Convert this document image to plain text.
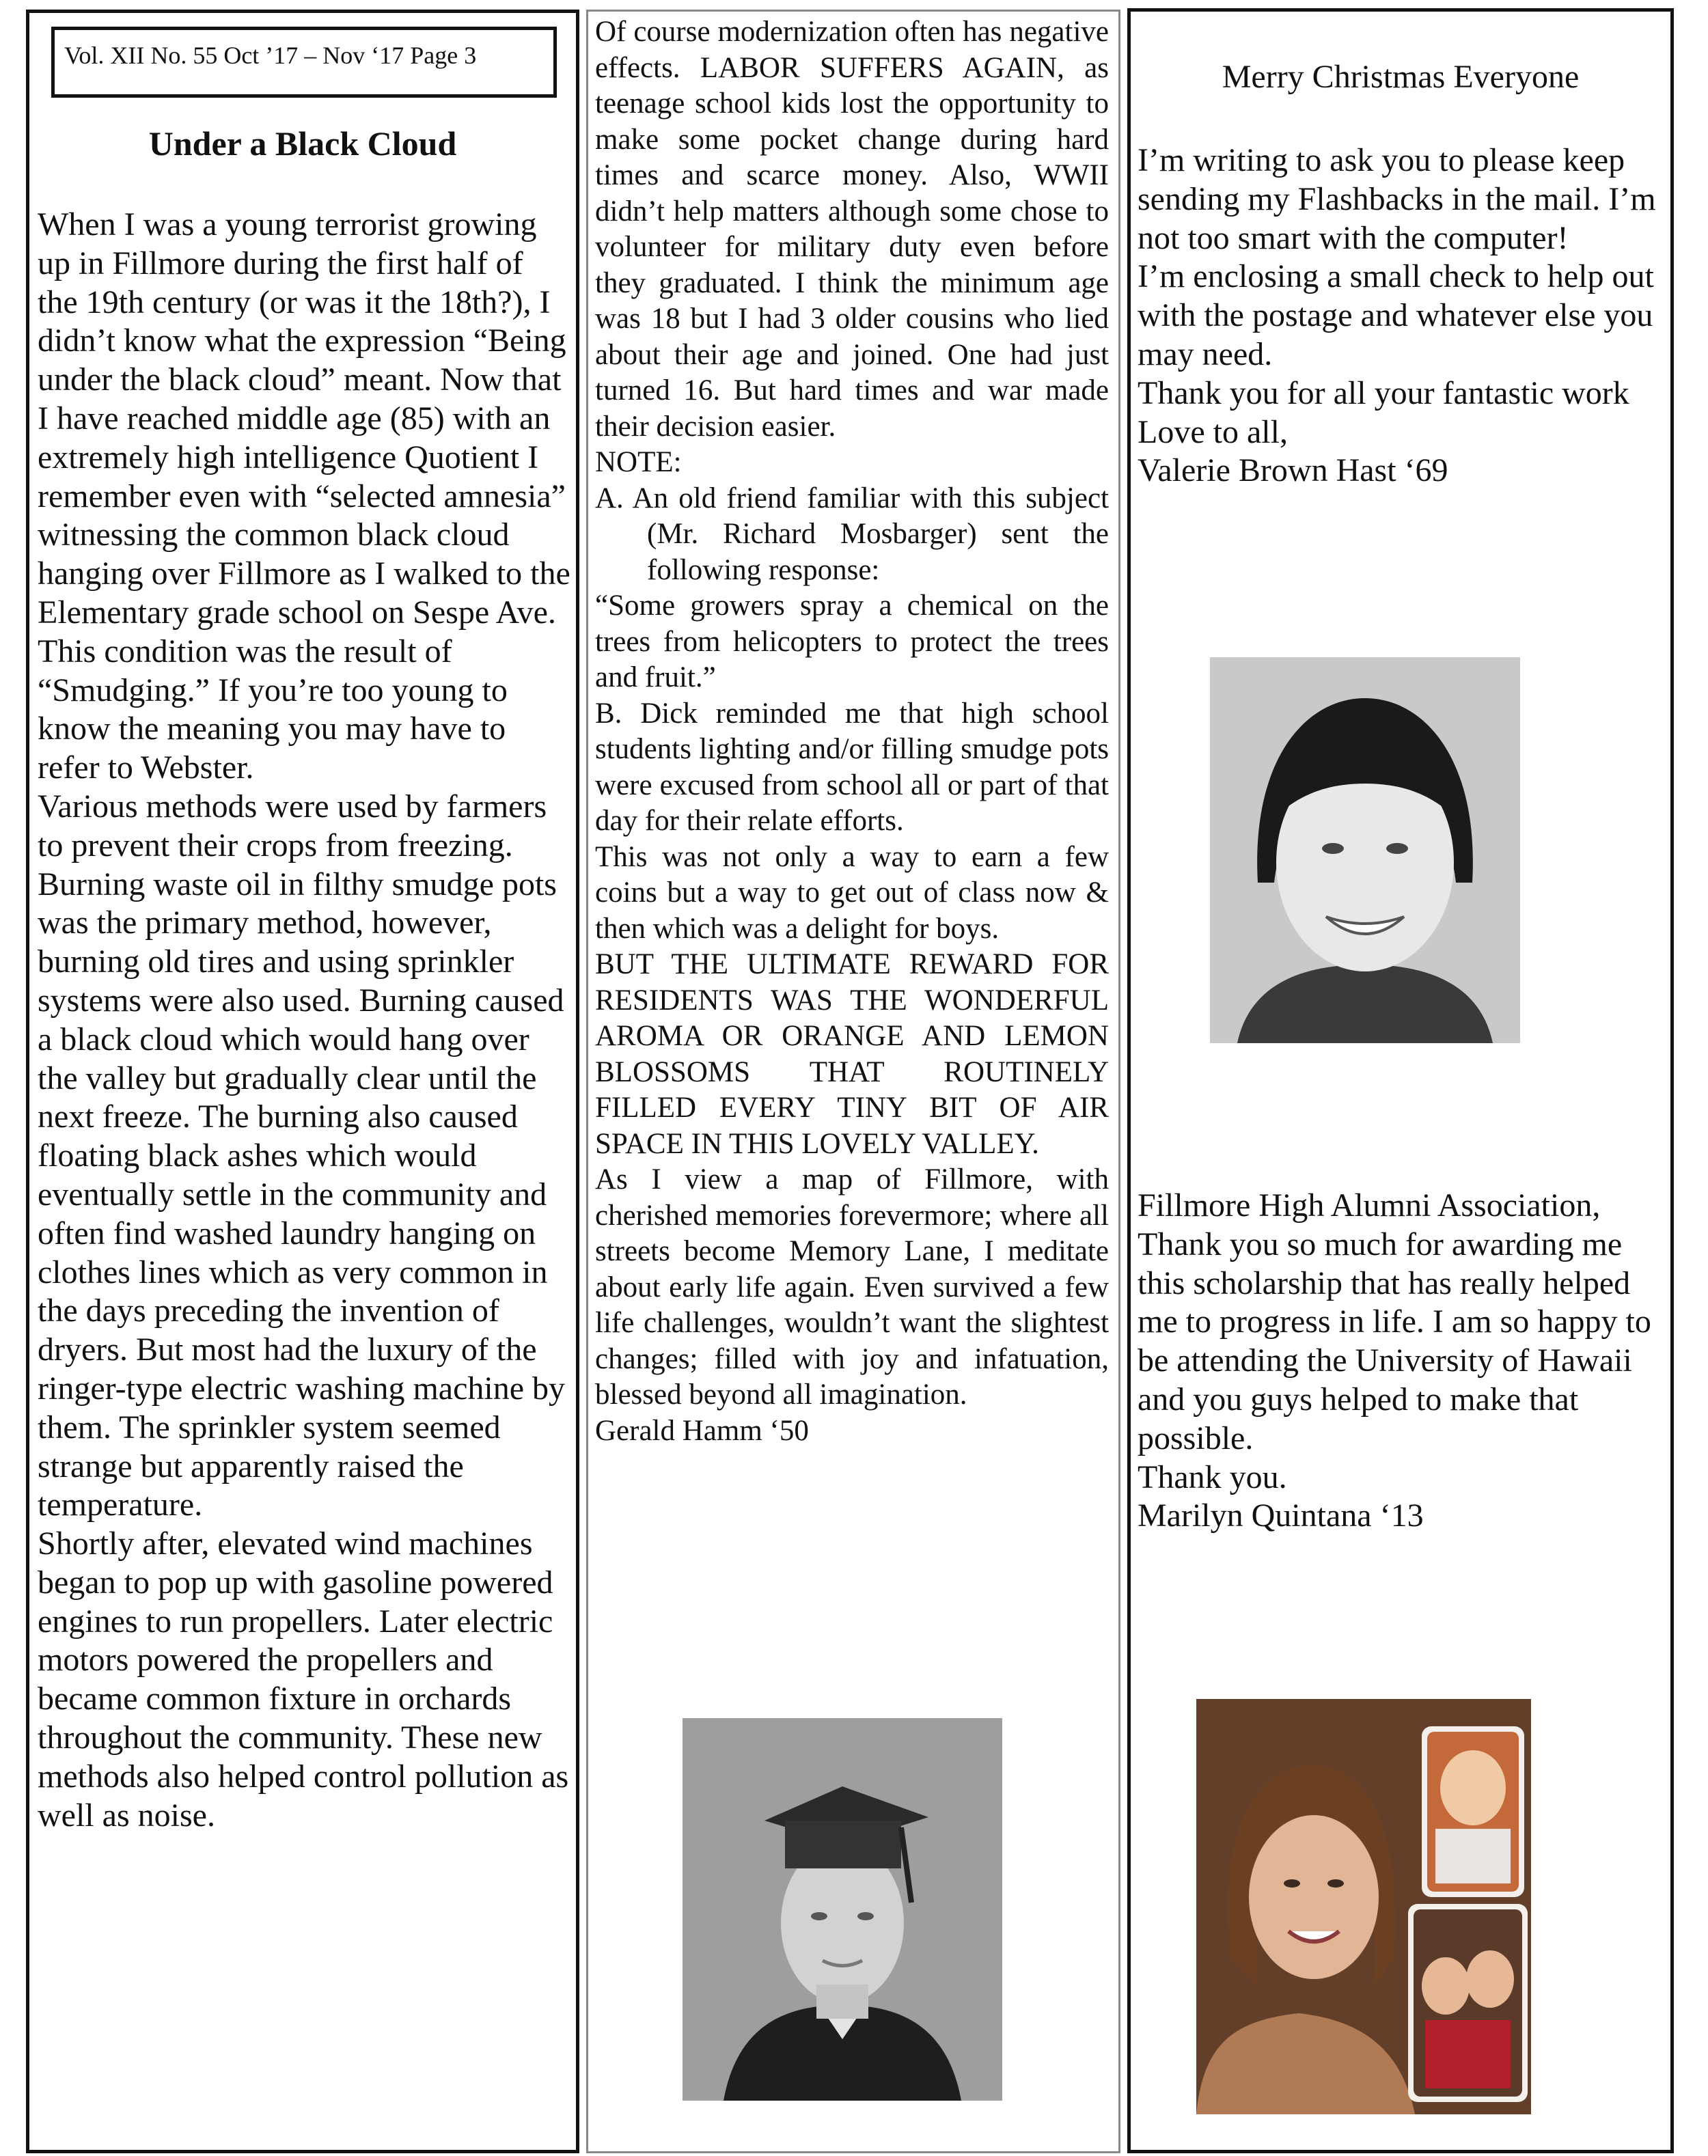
Vol. XII No. 55 Oct ’17 – Nov ‘17 Page 3
Under a Black Cloud

When I was a young terrorist growing up in Fillmore during the first half of the 19th century (or was it the 18th?), I didn’t know what the expression “Being under the black cloud” meant. Now that I have reached middle age (85) with an extremely high intelligence Quotient I remember even with “selected amnesia” witnessing the common black cloud hanging over Fillmore as I walked to the Elementary grade school on Sespe Ave. This condition was the result of “Smudging.” If you’re too young to know the meaning you may have to refer to Webster.

Various methods were used by farmers to prevent their crops from freezing. Burning waste oil in filthy smudge pots was the primary method, however, burning old tires and using sprinkler systems were also used. Burning caused a black cloud which would hang over the valley but gradually clear until the next freeze. The burning also caused floating black ashes which would eventually settle in the community and often find washed laundry hanging on clothes lines which as very common in the days preceding the invention of dryers. But most had the luxury of the ringer-type electric washing machine by them. The sprinkler system seemed strange but apparently raised the temperature.

Shortly after, elevated wind machines began to pop up with gasoline powered engines to run propellers. Later electric motors powered the propellers and became common fixture in orchards throughout the community. These new methods also helped control pollution as well as noise.

Of course modernization often has negative effects. LABOR SUFFERS AGAIN, as teenage school kids lost the opportunity to make some pocket change during hard times and scarce money. Also, WWII didn’t help matters although some chose to volunteer for military duty even before they graduated. I think the minimum age was 18 but I had 3 older cousins who lied about their age and joined. One had just turned 16. But hard times and war made their decision easier.

NOTE:

A. An old friend familiar with this subject (Mr. Richard Mosbarger) sent the following response:

“Some growers spray a chemical on the trees from helicopters to protect the trees and fruit.”

B. Dick reminded me that high school students lighting and/or filling smudge pots were excused from school all or part of that day for their relate efforts.

This was not only a way to earn a few coins but a way to get out of class now & then which was a delight for boys.

BUT THE ULTIMATE REWARD FOR RESIDENTS WAS THE WONDERFUL AROMA OR ORANGE AND LEMON BLOSSOMS THAT ROUTINELY FILLED EVERY TINY BIT OF AIR SPACE IN THIS LOVELY VALLEY.

As I view a map of Fillmore, with cherished memories forevermore; where all streets become Memory Lane, I meditate about early life again. Even survived a few life challenges, wouldn’t want the slightest changes; filled with joy and infatuation, blessed beyond all imagination.

Gerald Hamm ‘50

Merry Christmas Everyone

I’m writing to ask you to please keep sending my Flashbacks in the mail. I’m not too smart with the computer!

I’m enclosing a small check to help out with the postage and whatever else you may need.

Thank you for all your fantastic work

Love to all,

Valerie Brown Hast ‘69

Fillmore High Alumni Association,

Thank you so much for awarding me this scholarship that has really helped me to progress in life. I am so happy to be attending the University of Hawaii and you guys helped to make that possible.

Thank you.

Marilyn Quintana ‘13
